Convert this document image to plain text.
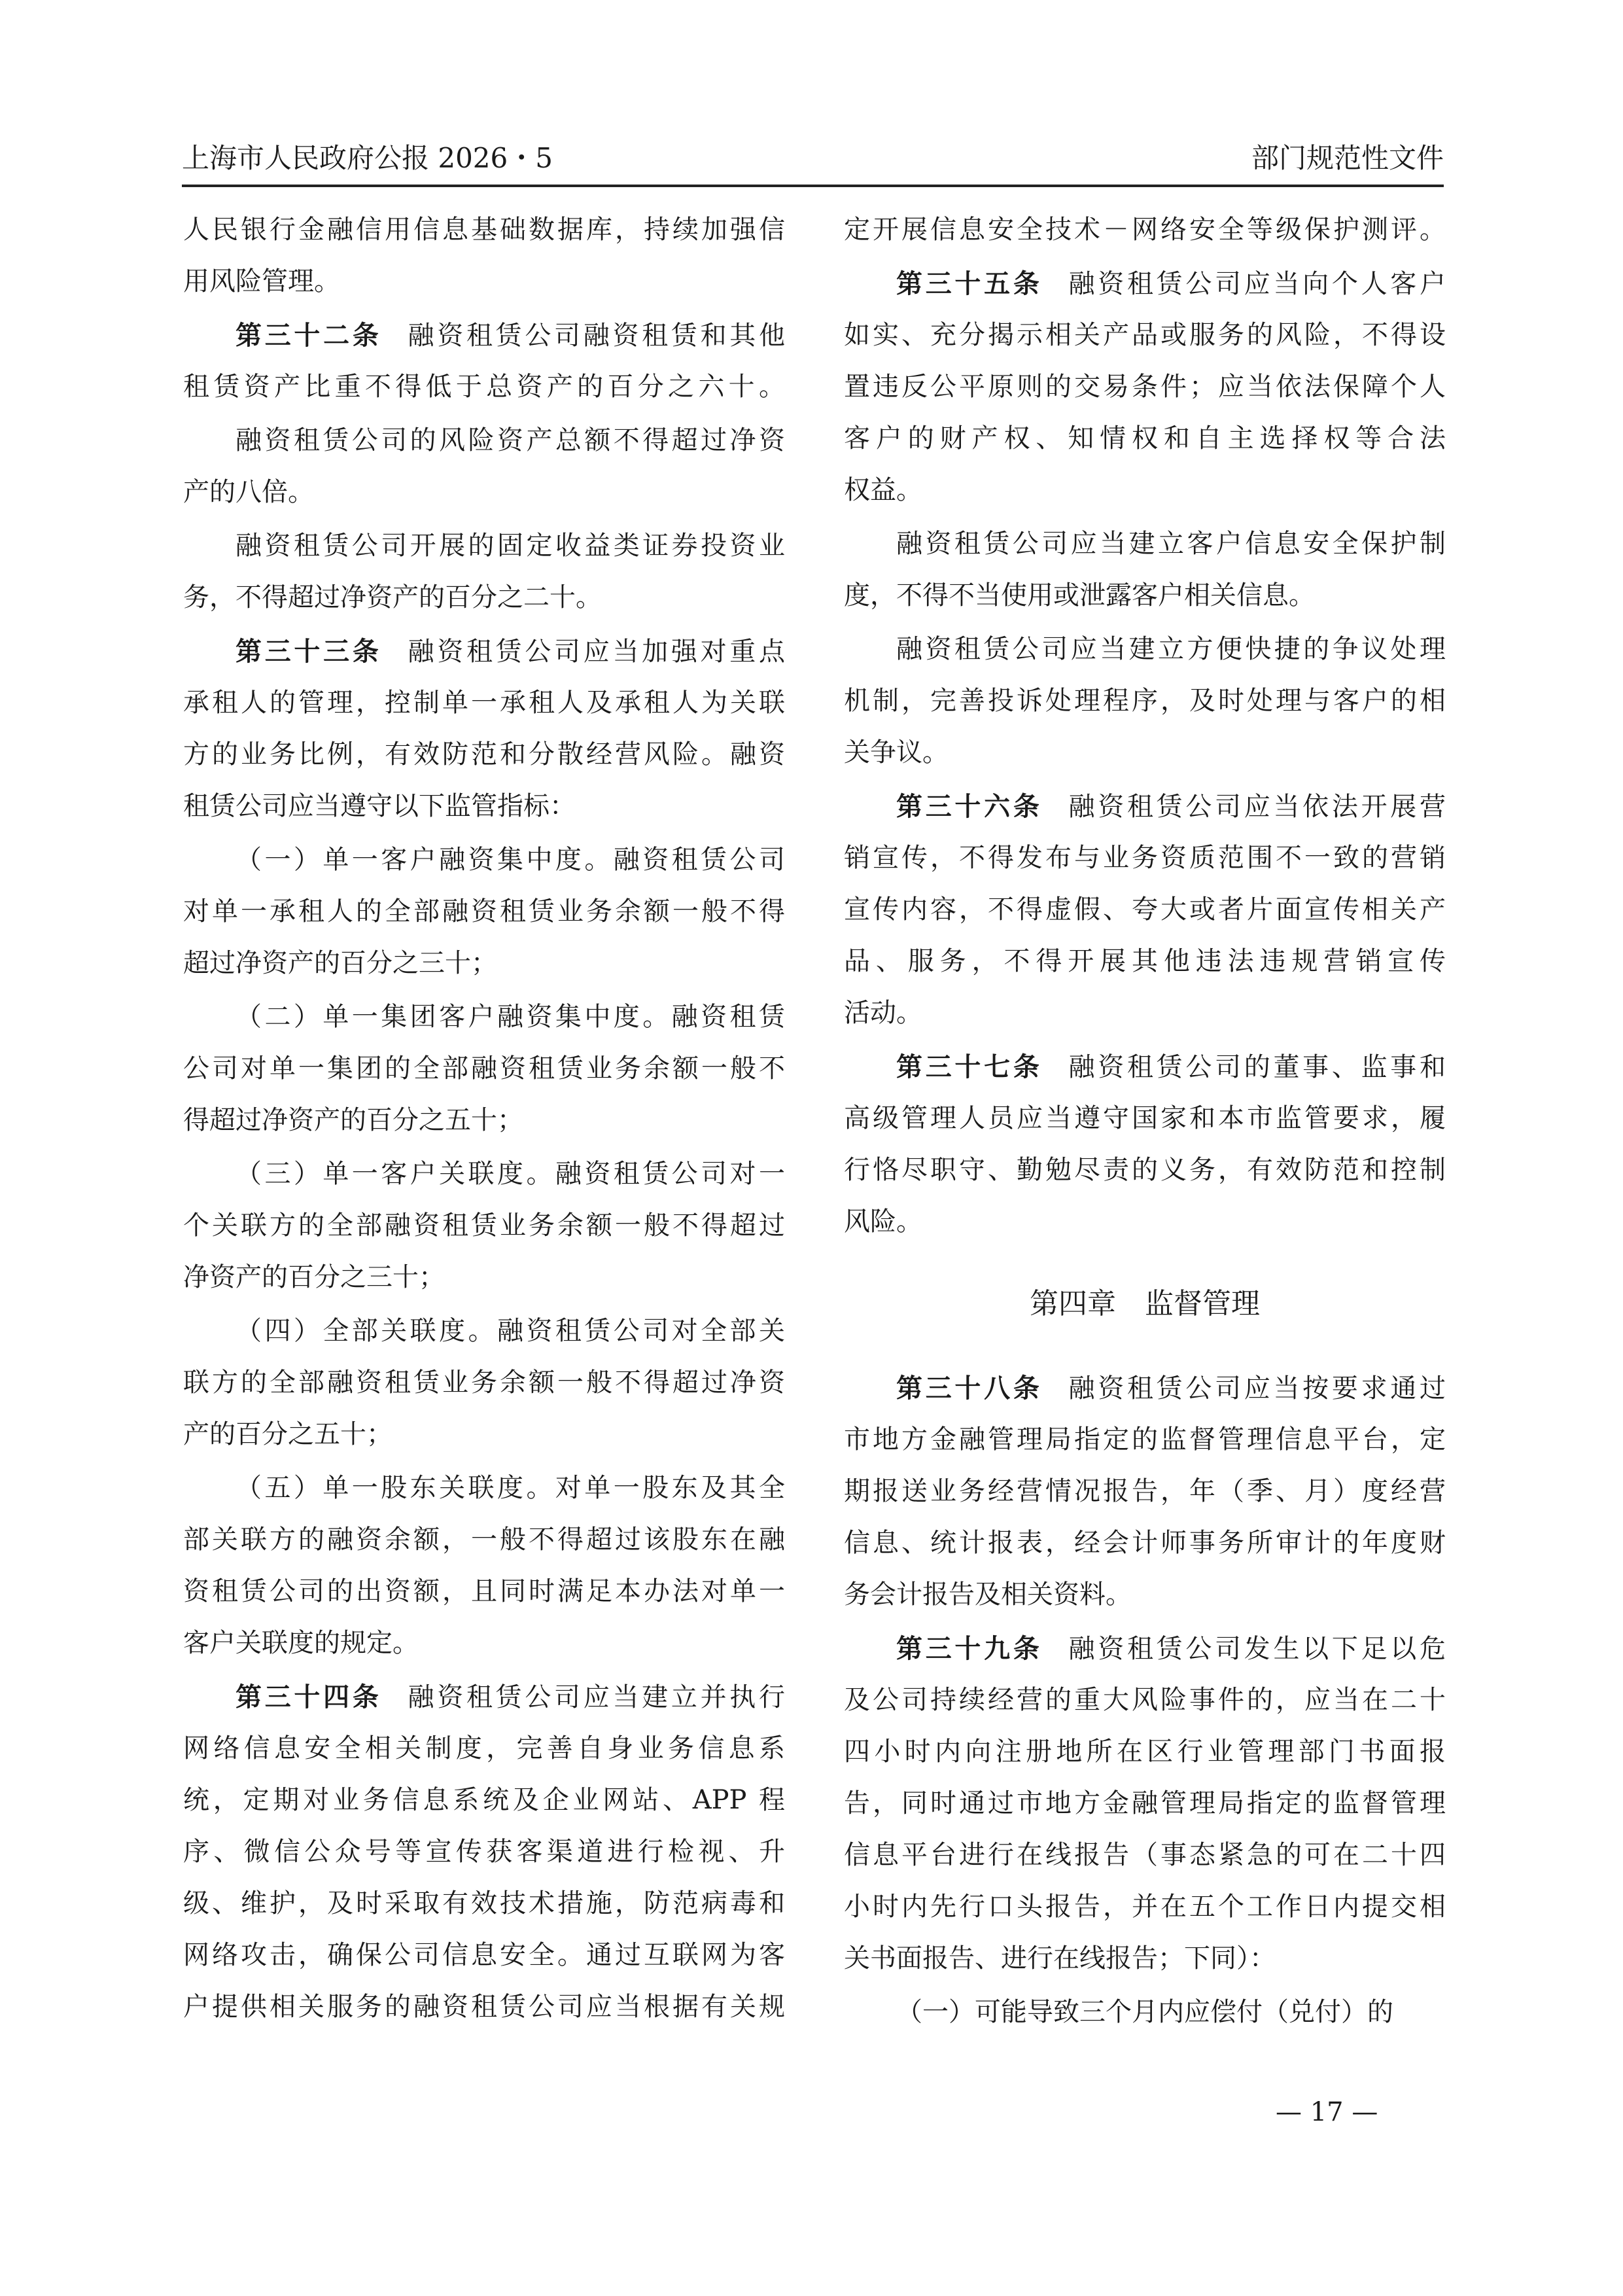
上海市人民政府公报 2026・5	部门规范性文件
人民银行金融信用信息基础数据库，持续加强信
用风险管理。
第三十二条 融资租赁公司融资租赁和其他
租赁资产比重不得低于总资产的百分之六十。
融资租赁公司的风险资产总额不得超过净资
产的八倍。
融资租赁公司开展的固定收益类证券投资业
务，不得超过净资产的百分之二十。
第三十三条 融资租赁公司应当加强对重点
承租人的管理，控制单一承租人及承租人为关联
方的业务比例，有效防范和分散经营风险。融资
租赁公司应当遵守以下监管指标：
（一）单一客户融资集中度。融资租赁公司
对单一承租人的全部融资租赁业务余额一般不得
超过净资产的百分之三十；
（二）单一集团客户融资集中度。融资租赁
公司对单一集团的全部融资租赁业务余额一般不
得超过净资产的百分之五十；
（三）单一客户关联度。融资租赁公司对一
个关联方的全部融资租赁业务余额一般不得超过
净资产的百分之三十；
（四）全部关联度。融资租赁公司对全部关
联方的全部融资租赁业务余额一般不得超过净资
产的百分之五十；
（五）单一股东关联度。对单一股东及其全
部关联方的融资余额，一般不得超过该股东在融
资租赁公司的出资额，且同时满足本办法对单一
客户关联度的规定。
第三十四条 融资租赁公司应当建立并执行
网络信息安全相关制度，完善自身业务信息系
统，定期对业务信息系统及企业网站、APP 程
序、微信公众号等宣传获客渠道进行检视、升
级、维护，及时采取有效技术措施，防范病毒和
网络攻击，确保公司信息安全。通过互联网为客
户提供相关服务的融资租赁公司应当根据有关规
定开展信息安全技术－网络安全等级保护测评。
第三十五条 融资租赁公司应当向个人客户
如实、充分揭示相关产品或服务的风险，不得设
置违反公平原则的交易条件；应当依法保障个人
客户的财产权、知情权和自主选择权等合法
权益。
融资租赁公司应当建立客户信息安全保护制
度，不得不当使用或泄露客户相关信息。
融资租赁公司应当建立方便快捷的争议处理
机制，完善投诉处理程序，及时处理与客户的相
关争议。
第三十六条 融资租赁公司应当依法开展营
销宣传，不得发布与业务资质范围不一致的营销
宣传内容，不得虚假、夸大或者片面宣传相关产
品、服务，不得开展其他违法违规营销宣传
活动。
第三十七条 融资租赁公司的董事、监事和
高级管理人员应当遵守国家和本市监管要求，履
行恪尽职守、勤勉尽责的义务，有效防范和控制
风险。
第四章　监督管理
第三十八条 融资租赁公司应当按要求通过
市地方金融管理局指定的监督管理信息平台，定
期报送业务经营情况报告，年（季、月）度经营
信息、统计报表，经会计师事务所审计的年度财
务会计报告及相关资料。
第三十九条 融资租赁公司发生以下足以危
及公司持续经营的重大风险事件的，应当在二十
四小时内向注册地所在区行业管理部门书面报
告，同时通过市地方金融管理局指定的监督管理
信息平台进行在线报告（事态紧急的可在二十四
小时内先行口头报告，并在五个工作日内提交相
关书面报告、进行在线报告；下同）：
（一）可能导致三个月内应偿付（兑付）的
— 17 —
